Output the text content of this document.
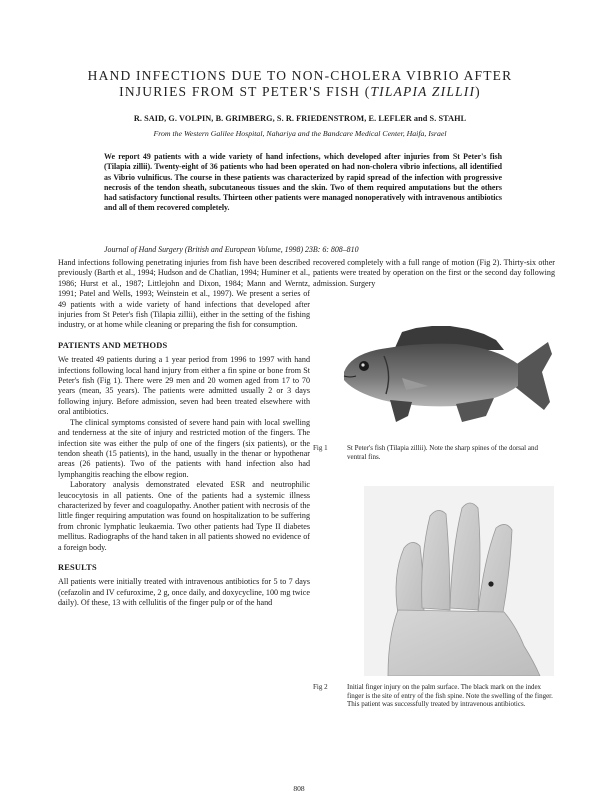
HAND INFECTIONS DUE TO NON-CHOLERA VIBRIO AFTER
INJURIES FROM ST PETER'S FISH (TILAPIA ZILLII)
R. SAID, G. VOLPIN, B. GRIMBERG, S. R. FRIEDENSTROM, E. LEFLER and S. STAHL
From the Western Galilee Hospital, Nahariya and the Bandcare Medical Center, Haifa, Israel
We report 49 patients with a wide variety of hand infections, which developed after injuries from St Peter's fish (Tilapia zillii). Twenty-eight of 36 patients who had been operated on had non-cholera vibrio infections, all identified as Vibrio vulnificus. The course in these patients was characterized by rapid spread of the infection with progressive necrosis of the tendon sheath, subcutaneous tissues and the skin. Two of them required amputations but the others had satisfactory functional results. Thirteen other patients were managed nonoperatively with intravenous antibiotics and all of them recovered completely.
Journal of Hand Surgery (British and European Volume, 1998) 23B: 6: 808–810

Hand infections following penetrating injuries from fish have been described previously (Barth et al., 1994; Hudson and de Chatlian, 1994; Huminer et al., 1986; Hurst et al., 1987; Littlejohn and Dixon, 1984; Mann and Werntz, 1991; Patel and Wells, 1993; Weinstein et al., 1997). We present a series of 49 patients with a wide variety of hand infections that developed after injuries from St Peter's fish (Tilapia zillii), either in the setting of the fishing industry, or at home while cleaning or preparing the fish for consumption.

PATIENTS AND METHODS

We treated 49 patients during a 1 year period from 1996 to 1997 with hand infections following local hand injury from either a fin spine or bone from St Peter's fish (Fig 1). There were 29 men and 20 women aged from 17 to 70 years (mean, 35 years). The patients were admitted usually 2 or 3 days following injury. Before admission, seven had been treated elsewhere with oral antibiotics.

The clinical symptoms consisted of severe hand pain with local swelling and tenderness at the site of injury and restricted motion of the fingers. The infection site was either the pulp of one of the fingers (six patients), or the tendon sheath (15 patients), in the hand, usually in the thenar or hypothenar areas (26 patients). Two of the patients with hand infection also had lymphangitis reaching the elbow region.

Laboratory analysis demonstrated elevated ESR and neutrophilic leucocytosis in all patients. One of the patients had a systemic illness characterized by fever and coagulopathy. Another patient with necrosis of the little finger requiring amputation was found on hospitalization to be suffering from chronic lymphatic leukaemia. Two other patients had Type II diabetes mellitus. Radiographs of the hand taken in all patients showed no evidence of a foreign body.

RESULTS

All patients were initially treated with intravenous antibiotics for 5 to 7 days (cefazolin and IV cefuroxime, 2 g, once daily, and doxycycline, 100 mg twice daily). Of these, 13 with cellulitis of the finger pulp or of the hand

recovered completely with a full range of motion (Fig 2). Thirty-six other patients were treated by operation on the first or the second day following admission. Surgery

Fig 1	St Peter's fish (Tilapia zillii). Note the sharp spines of the dorsal and ventral fins.
Fig 2	Initial finger injury on the palm surface. The black mark on the index finger is the site of entry of the fish spine. Note the swelling of the finger. This patient was successfully treated by intravenous antibiotics.
808
